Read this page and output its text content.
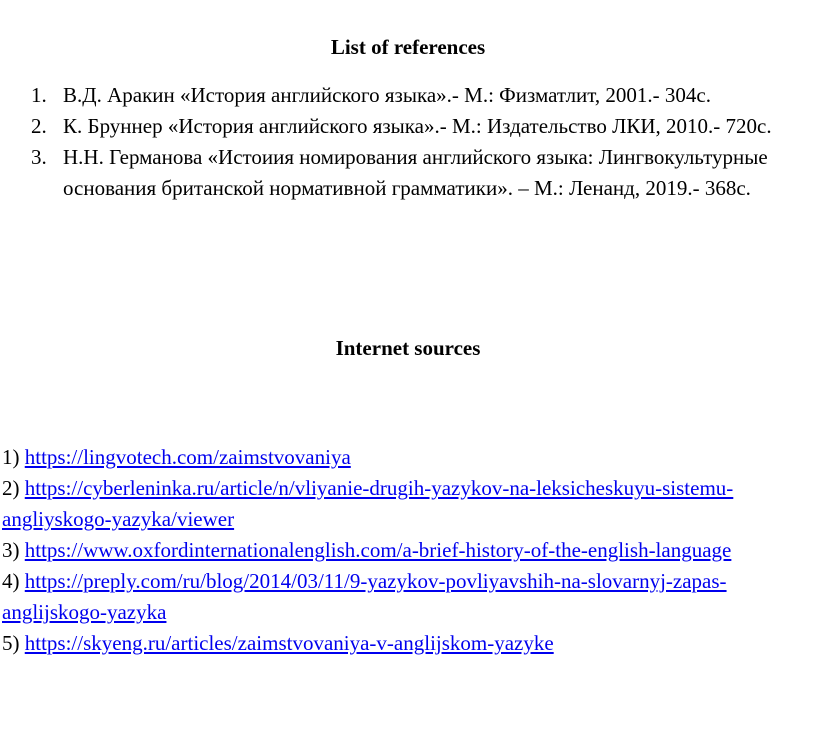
List of references
1. В.Д. Аракин «История английского языка».- М.: Физматлит, 2001.- 304с.
2. К. Бруннер «История английского языка».- М.: Издательство ЛКИ, 2010.- 720с.
3. Н.Н. Германова «Истоиия номирования английского языка: Лингвокультурные основания британской нормативной грамматики». – М.: Ленанд, 2019.- 368с.
Internet sources

1) https://lingvotech.com/zaimstvovaniya

2) https://cyberleninka.ru/article/n/vliyanie-drugih-yazykov-na-leksicheskuyu-sistemu-angliyskogo-yazyka/viewer

3) https://www.oxfordinternationalenglish.com/a-brief-history-of-the-english-language

4) https://preply.com/ru/blog/2014/03/11/9-yazykov-povliyavshih-na-slovarnyj-zapas-anglijskogo-yazyka

5) https://skyeng.ru/articles/zaimstvovaniya-v-anglijskom-yazyke
